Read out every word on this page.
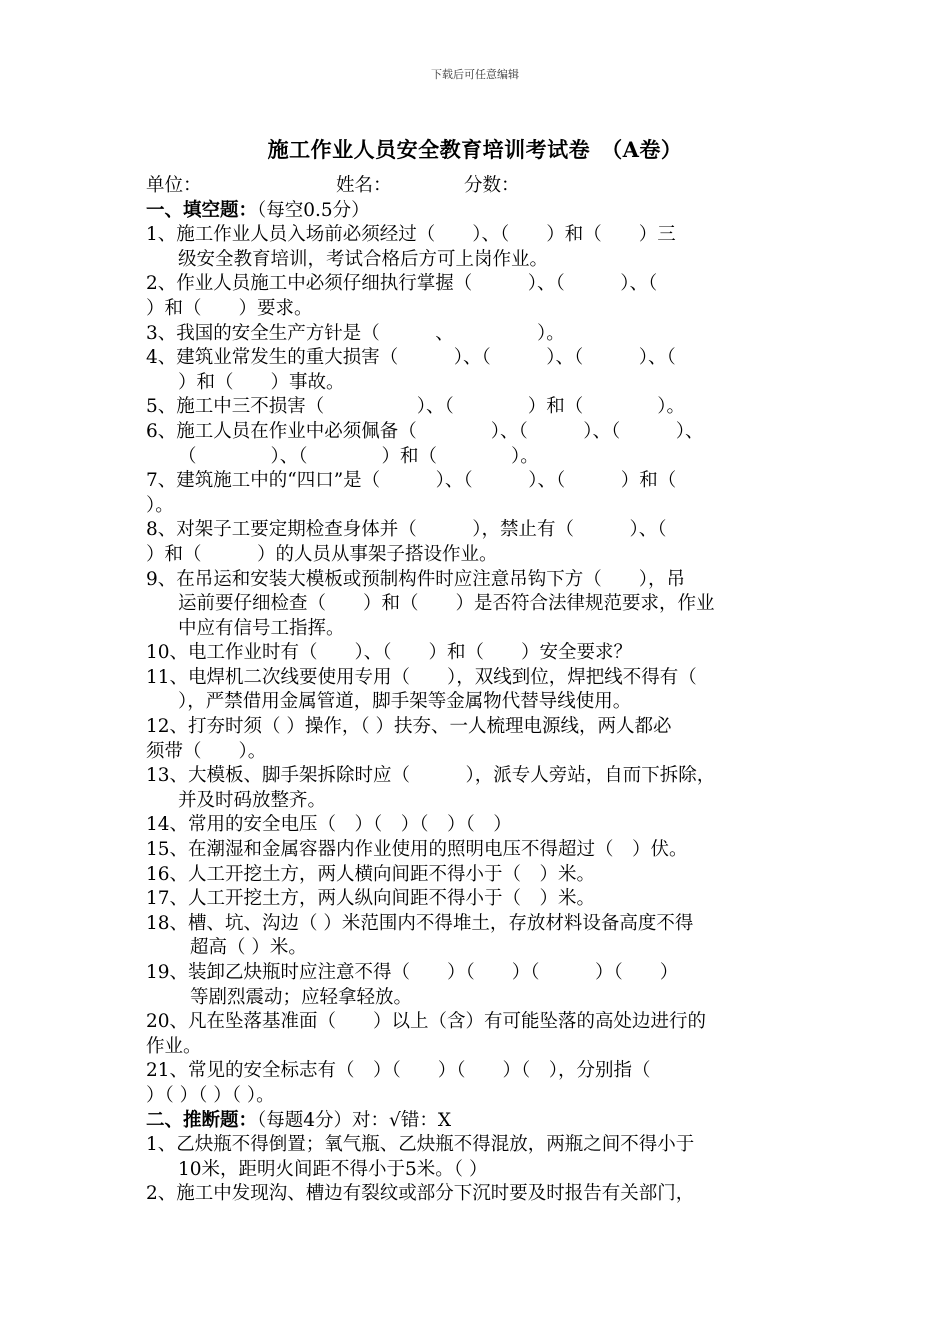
下载后可任意编辑
施工作业人员安全教育培训考试卷　（A卷）
单位：	姓名：	分数：
一、填空题：（每空0.5分）
1、施工作业人员入场前必须经过（　　）、（　　）和（　　）三
级安全教育培训，考试合格后方可上岗作业。
2、作业人员施工中必须仔细执行掌握（　　　）、（　　　）、（
）和（　　）要求。
3、我国的安全生产方针是（　　　、　　　　　）。
4、建筑业常发生的重大损害（　　　）、（　　　）、（　　　）、（
）和（　　）事故。
5、施工中三不损害（　　　　　）、（　　　　）和（　　　　）。
6、施工人员在作业中必须佩备（　　　　）、（　　　）、（　　　）、
（　　　　）、（　　　　）和（　　　　）。
7、建筑施工中的“四口”是（　　　）、（　　　）、（　　　）和（
）。
8、对架子工要定期检查身体并（　　　），禁止有（　　　）、（
）和（　　　）的人员从事架子搭设作业。
9、在吊运和安装大模板或预制构件时应注意吊钩下方（　　），吊
运前要仔细检查（　　）和（　　）是否符合法律规范要求，作业
中应有信号工指挥。
10、电工作业时有（　　）、（　　）和（　　）安全要求？
11、电焊机二次线要使用专用（　　），双线到位，焊把线不得有（
），严禁借用金属管道，脚手架等金属物代替导线使用。
12、打夯时须（ ）操作，（ ）扶夯、一人梳理电源线，两人都必
须带（　　）。
13、大模板、脚手架拆除时应（　　　），派专人旁站，自而下拆除，
并及时码放整齐。
14、常用的安全电压（　）（　）（　）（　）
15、在潮湿和金属容器内作业使用的照明电压不得超过（　）伏。
16、人工开挖土方，两人横向间距不得小于（　）米。
17、人工开挖土方，两人纵向间距不得小于（　）米。
18、槽、坑、沟边（ ）米范围内不得堆土，存放材料设备高度不得
超高（ ）米。
19、装卸乙炔瓶时应注意不得（　　）（　　）（　　　）（　　）
等剧烈震动；应轻拿轻放。
20、凡在坠落基准面（　　）以上（含）有可能坠落的高处边进行的
作业。
21、常见的安全标志有（　）（　　）（　　）（　），分别指（
）（ ）（ ）（ ）。
二、推断题：（每题4分）对：√错：X
1、乙炔瓶不得倒置；氧气瓶、乙炔瓶不得混放，两瓶之间不得小于
10米，距明火间距不得小于5米。（ ）
2、施工中发现沟、槽边有裂纹或部分下沉时要及时报告有关部门，
